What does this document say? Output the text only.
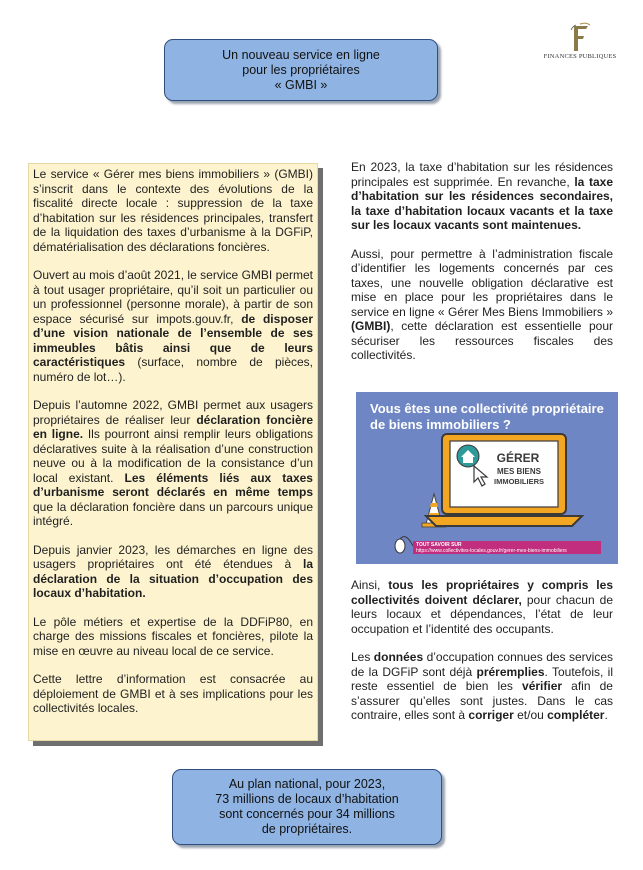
Un nouveau service en ligne
pour les propriétaires
« GMBI »
FINANCES PUBLIQUES

Le service « Gérer mes biens immobiliers » (GMBI) s’inscrit dans le contexte des évolutions de la fiscalité directe locale : suppression de la taxe d’habitation sur les résidences principales, transfert de la liquidation des taxes d’urbanisme à la DGFiP, dématérialisation des déclarations foncières.

Ouvert au mois d’août 2021, le service GMBI permet à tout usager propriétaire, qu’il soit un particulier ou un professionnel (personne morale), à partir de son espace sécurisé sur impots.gouv.fr, de disposer d’une vision nationale de l’ensemble de ses immeubles bâtis ainsi que de leurs caractéristiques (surface, nombre de pièces, numéro de lot…).

Depuis l’automne 2022, GMBI permet aux usagers propriétaires de réaliser leur déclaration foncière en ligne. Ils pourront ainsi remplir leurs obligations déclaratives suite à la réalisation d’une construction neuve ou à la modification de la consistance d’un local existant. Les éléments liés aux taxes d’urbanisme seront déclarés en même temps que la déclaration foncière dans un parcours unique intégré.

Depuis janvier 2023, les démarches en ligne des usagers propriétaires ont été étendues à la déclaration de la situation d’occupation des locaux d’habitation.

Le pôle métiers et expertise de la DDFiP80, en charge des missions fiscales et foncières, pilote la mise en œuvre au niveau local de ce service.

Cette lettre d’information est consacrée au déploiement de GMBI et à ses implications pour les collectivités locales.

En 2023, la taxe d’habitation sur les résidences principales est supprimée. En revanche, la taxe d’habitation sur les résidences secondaires, la taxe d’habitation locaux vacants et la taxe sur les locaux vacants sont maintenues.

Aussi, pour permettre à l’administration fiscale d’identifier les logements concernés par ces taxes, une nouvelle obligation déclarative est mise en place pour les propriétaires dans le service en ligne « Gérer Mes Biens Immobiliers » (GMBI), cette déclaration est essentielle pour sécuriser les ressources fiscales des collectivités.

Vous êtes une collectivité propriétaire de biens immobiliers ?
GÉRER
MES BIENS
IMMOBILIERS
TOUT SAVOIR SUR
https://www.collectivites-locales.gouv.fr/gerer-mes-biens-immobiliers

Ainsi, tous les propriétaires y compris les collectivités doivent déclarer, pour chacun de leurs locaux et dépendances, l’état de leur occupation et l’identité des occupants.

Les données d’occupation connues des services de la DGFiP sont déjà préremplies. Toutefois, il reste essentiel de bien les vérifier afin de s’assurer qu’elles sont justes. Dans le cas contraire, elles sont à corriger et/ou compléter.

Au plan national, pour 2023,
73 millions de locaux d’habitation
sont concernés pour 34 millions
de propriétaires.
